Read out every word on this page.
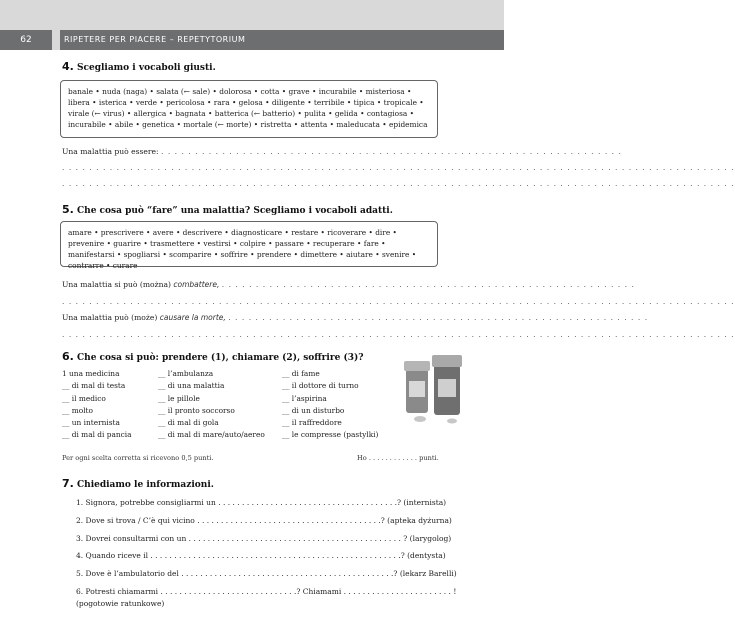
62	RIPETERE PER PIACERE – REPETYTORIUM
4. Scegliamo i vocaboli giusti.
banale • nuda (naga) • salata (← sale) • dolorosa • cotta • grave • incurabile • misteriosa • libera • isterica • verde • pericolosa • rara • gelosa • diligente • terribile • tipica • tropicale • virale (← virus) • allergica • bagnata • batterica (← batterio) • pulita • gelida • contagiosa • incurabile • abile • genetica • mortale (← morte) • ristretta • attenta • maleducata • epidemica
Una malattia può essere: . . . . . . . . . . . . . . . . . . . . . . . . . . . . . . . . . . . . . . . . . . . . . . . . . . . . . . . . . . . . . . . . . . . .
. . . . . . . . . . . . . . . . . . . . . . . . . . . . . . . . . . . . . . . . . . . . . . . . . . . . . . . . . . . . . . . . . . . . . . . . . . . . . . . . . . . . . . . . . . . . . . . . . . .
. . . . . . . . . . . . . . . . . . . . . . . . . . . . . . . . . . . . . . . . . . . . . . . . . . . . . . . . . . . . . . . . . . . . . . . . . . . . . . . . . . . . . . . . . . . . . . . . . . .
5. Che cosa può “fare” una malattia? Scegliamo i vocaboli adatti.
amare • prescrivere • avere • descrivere • diagnosticare • restare • ricoverare • dire • prevenire • guarire • trasmettere • vestirsi • colpire • passare • recuperare • fare • manifestarsi • spogliarsi • scomparire • soffrire • prendere • dimettere • aiutare • svenire • contrarre • curare
Una malattia si può (można) combattere, . . . . . . . . . . . . . . . . . . . . . . . . . . . . . . . . . . . . . . . . . . . . . . . . . . . . . . . . . . . . .
. . . . . . . . . . . . . . . . . . . . . . . . . . . . . . . . . . . . . . . . . . . . . . . . . . . . . . . . . . . . . . . . . . . . . . . . . . . . . . . . . . . . . . . . . . . . . . . . . . .
Una malattia può (może) causare la morte, . . . . . . . . . . . . . . . . . . . . . . . . . . . . . . . . . . . . . . . . . . . . . . . . . . . . . . . . . . . . . .
. . . . . . . . . . . . . . . . . . . . . . . . . . . . . . . . . . . . . . . . . . . . . . . . . . . . . . . . . . . . . . . . . . . . . . . . . . . . . . . . . . . . . . . . . . . . . . . . . . .
6. Che cosa si può: prendere (1), chiamare (2), soffrire (3)?
1 una medicina
__ di mal di testa
__ il medico
__ molto
__ un internista
__ di mal di pancia
__ l’ambulanza
__ di una malattia
__ le pillole
__ il pronto soccorso
__ di mal di gola
__ di mal di mare/auto/aereo
__ di fame
__ il dottore di turno
__ l’aspirina
__ di un disturbo
__ il raffreddore
__ le compresse (pastylki)
Per ogni scelta corretta si ricevono 0,5 punti.	Ho . . . . . . . . . . . . punti.
7. Chiediamo le informazioni.
1. Signora, potrebbe consigliarmi un . . . . . . . . . . . . . . . . . . . . . . . . . . . . . . . . . . . . . .? (internista)
2. Dove si trova / C’è qui vicino . . . . . . . . . . . . . . . . . . . . . . . . . . . . . . . . . . . . . . .? (apteka dyżurna)
3. Dovrei consultarmi con un . . . . . . . . . . . . . . . . . . . . . . . . . . . . . . . . . . . . . . . . . . . . . ? (larygolog)
4. Quando riceve il . . . . . . . . . . . . . . . . . . . . . . . . . . . . . . . . . . . . . . . . . . . . . . . . . . . . .? (dentysta)
5. Dove è l’ambulatorio del . . . . . . . . . . . . . . . . . . . . . . . . . . . . . . . . . . . . . . . . . . . . .? (lekarz Barelli)
6. Potresti chiamarmi . . . . . . . . . . . . . . . . . . . . . . . . . . . . .? Chiamami . . . . . . . . . . . . . . . . . . . . . . . !
(pogotowie ratunkowe)
